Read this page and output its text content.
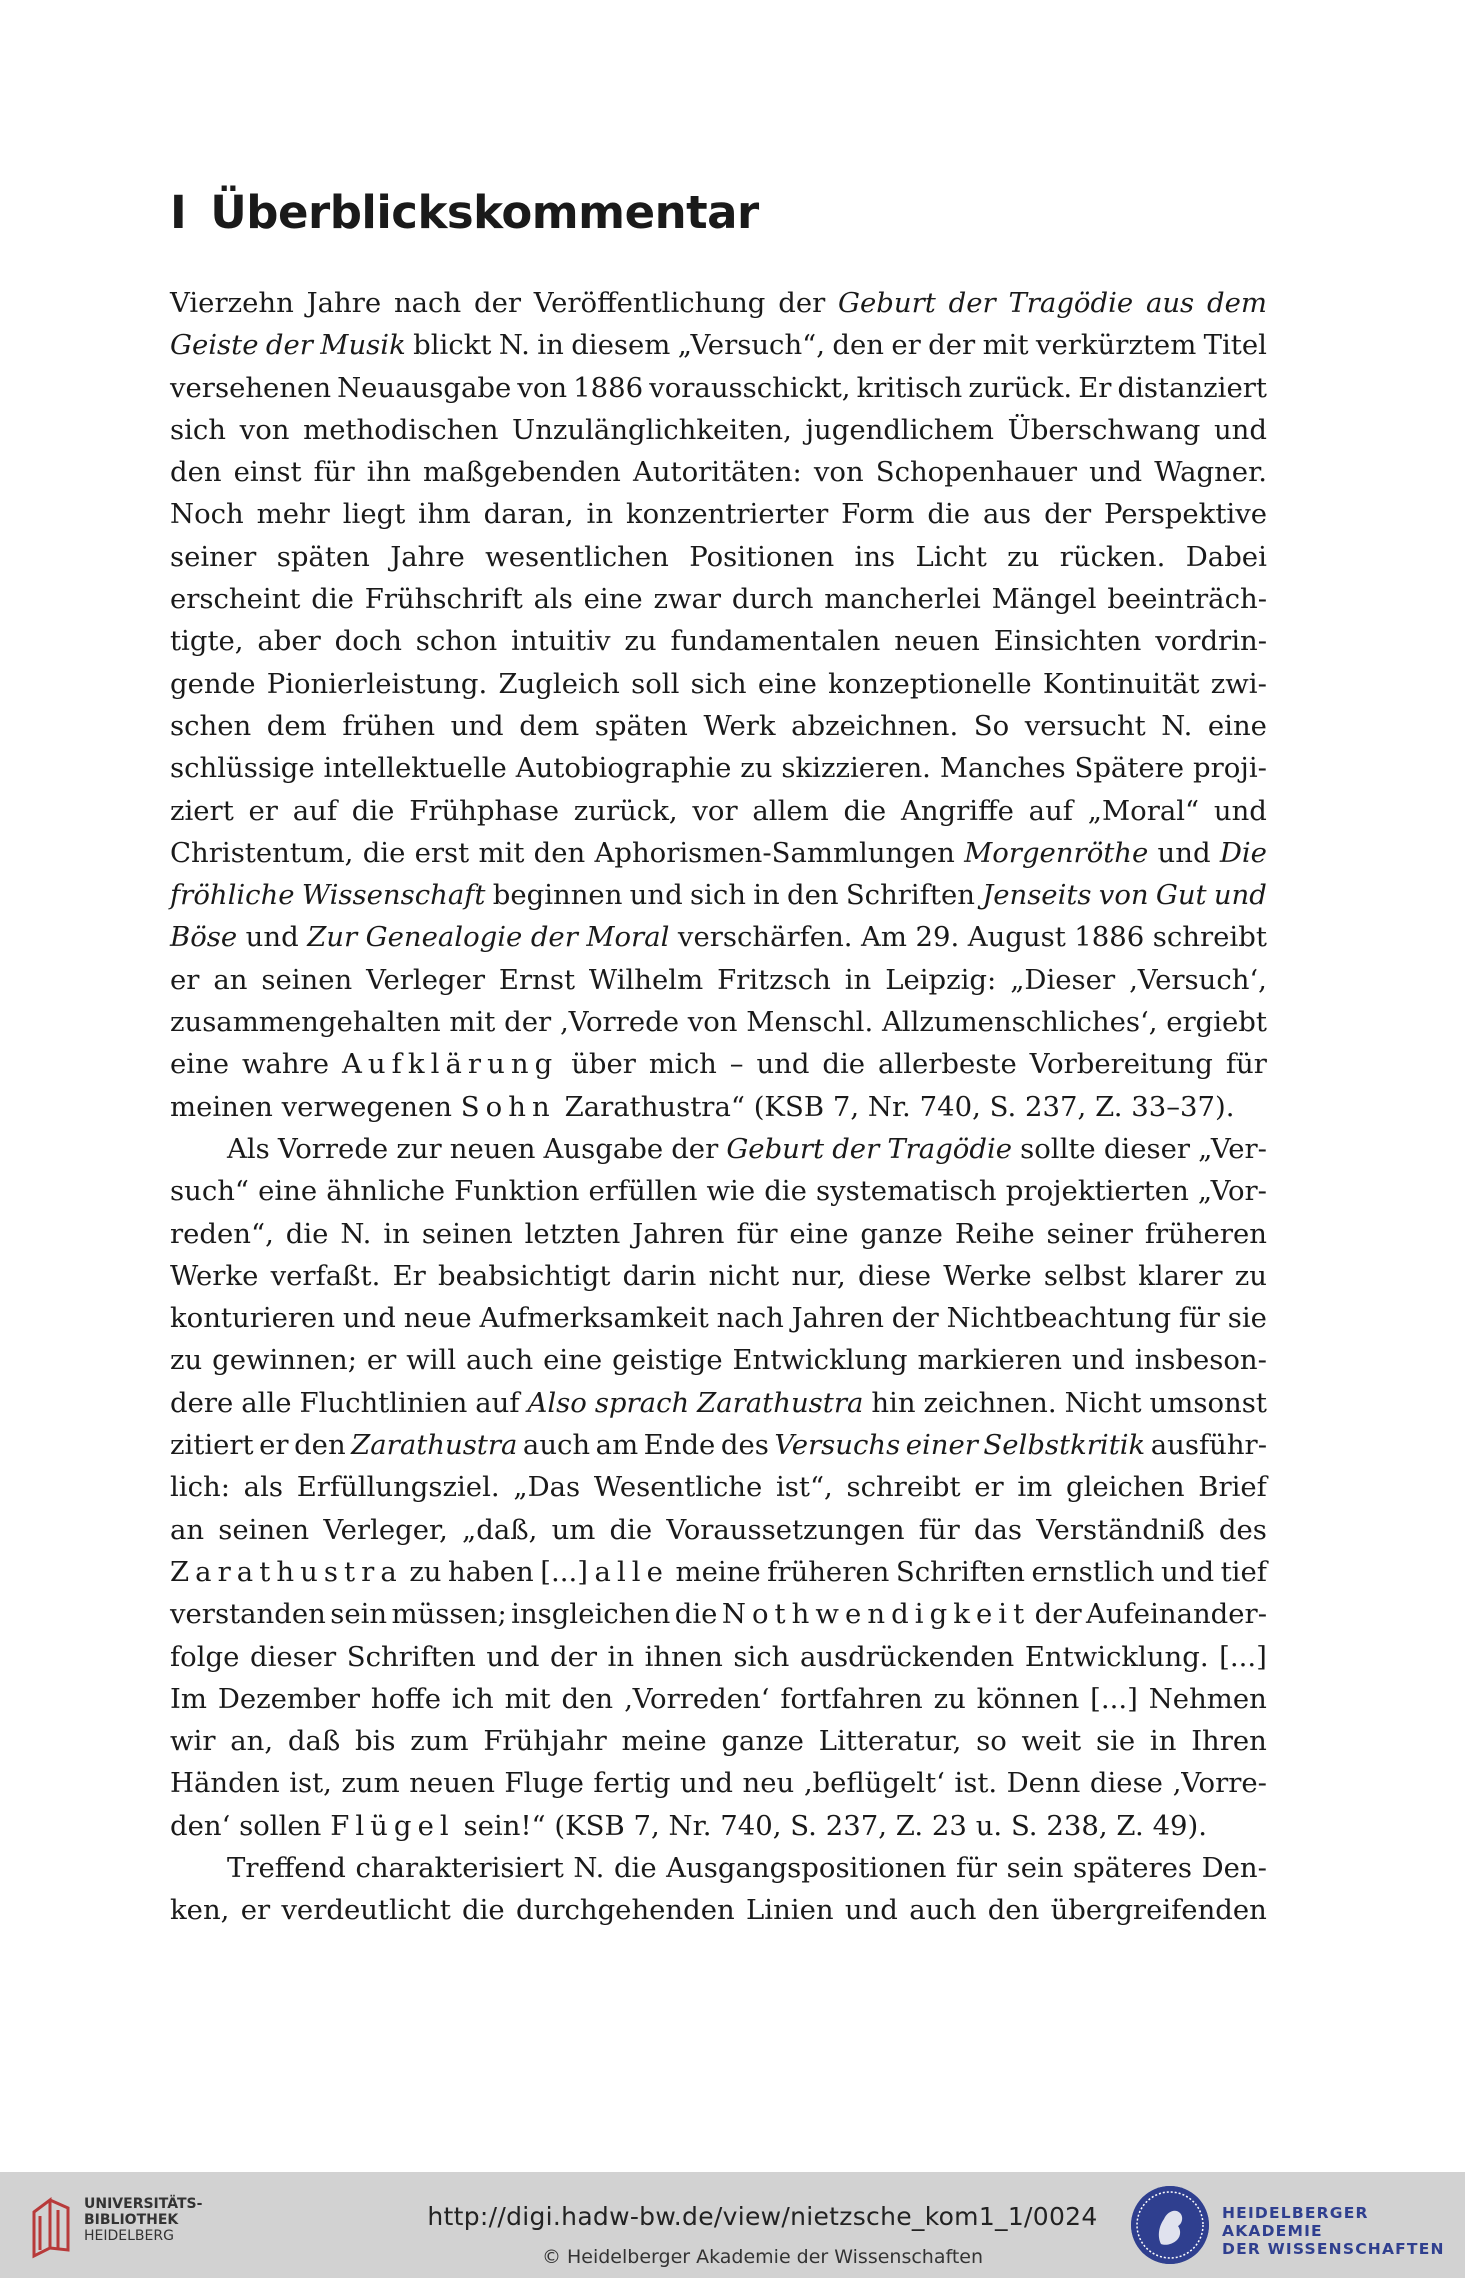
I Überblickskommentar
Vierzehn Jahre nach der Veröffentlichung der Geburt der Tragödie aus dem
Geiste der Musik blickt N. in diesem „Versuch“, den er der mit verkürztem Titel
versehenen Neuausgabe von 1886 vorausschickt, kritisch zurück. Er distanziert
sich von methodischen Unzulänglichkeiten, jugendlichem Überschwang und
den einst für ihn maßgebenden Autoritäten: von Schopenhauer und Wagner.
Noch mehr liegt ihm daran, in konzentrierter Form die aus der Perspektive
seiner späten Jahre wesentlichen Positionen ins Licht zu rücken. Dabei
erscheint die Frühschrift als eine zwar durch mancherlei Mängel beeinträch-
tigte, aber doch schon intuitiv zu fundamentalen neuen Einsichten vordrin-
gende Pionierleistung. Zugleich soll sich eine konzeptionelle Kontinuität zwi-
schen dem frühen und dem späten Werk abzeichnen. So versucht N. eine
schlüssige intellektuelle Autobiographie zu skizzieren. Manches Spätere proji-
ziert er auf die Frühphase zurück, vor allem die Angriffe auf „Moral“ und
Christentum, die erst mit den Aphorismen-Sammlungen Morgenröthe und Die
fröhliche Wissenschaft beginnen und sich in den Schriften Jenseits von Gut und
Böse und Zur Genealogie der Moral verschärfen. Am 29. August 1886 schreibt
er an seinen Verleger Ernst Wilhelm Fritzsch in Leipzig: „Dieser ‚Versuch‘,
zusammengehalten mit der ‚Vorrede von Menschl. Allzumenschliches‘, ergiebt
eine wahre Aufklärung über mich – und die allerbeste Vorbereitung für
meinen verwegenen Sohn Zarathustra“ (KSB 7, Nr. 740, S. 237, Z. 33–37).
Als Vorrede zur neuen Ausgabe der Geburt der Tragödie sollte dieser „Ver-
such“ eine ähnliche Funktion erfüllen wie die systematisch projektierten „Vor-
reden“, die N. in seinen letzten Jahren für eine ganze Reihe seiner früheren
Werke verfaßt. Er beabsichtigt darin nicht nur, diese Werke selbst klarer zu
konturieren und neue Aufmerksamkeit nach Jahren der Nichtbeachtung für sie
zu gewinnen; er will auch eine geistige Entwicklung markieren und insbeson-
dere alle Fluchtlinien auf Also sprach Zarathustra hin zeichnen. Nicht umsonst
zitiert er den Zarathustra auch am Ende des Versuchs einer Selbstkritik ausführ-
lich: als Erfüllungsziel. „Das Wesentliche ist“, schreibt er im gleichen Brief
an seinen Verleger, „daß, um die Voraussetzungen für das Verständniß des
Zarathustra zu haben [...] alle meine früheren Schriften ernstlich und tief
verstanden sein müssen; insgleichen die Nothwendigkeit der Aufeinander-
folge dieser Schriften und der in ihnen sich ausdrückenden Entwicklung. [...]
Im Dezember hoffe ich mit den ‚Vorreden‘ fortfahren zu können [...] Nehmen
wir an, daß bis zum Frühjahr meine ganze Litteratur, so weit sie in Ihren
Händen ist, zum neuen Fluge fertig und neu ‚beflügelt‘ ist. Denn diese ‚Vorre-
den‘ sollen Flügel sein!“ (KSB 7, Nr. 740, S. 237, Z. 23 u. S. 238, Z. 49).
Treffend charakterisiert N. die Ausgangspositionen für sein späteres Den-
ken, er verdeutlicht die durchgehenden Linien und auch den übergreifenden
UNIVERSITÄTS-
BIBLIOTHEK
HEIDELBERG
http://digi.hadw-bw.de/view/nietzsche_kom1_1/0024
© Heidelberger Akademie der Wissenschaften
HEIDELBERGER AKADEMIE
DER WISSENSCHAFTEN
